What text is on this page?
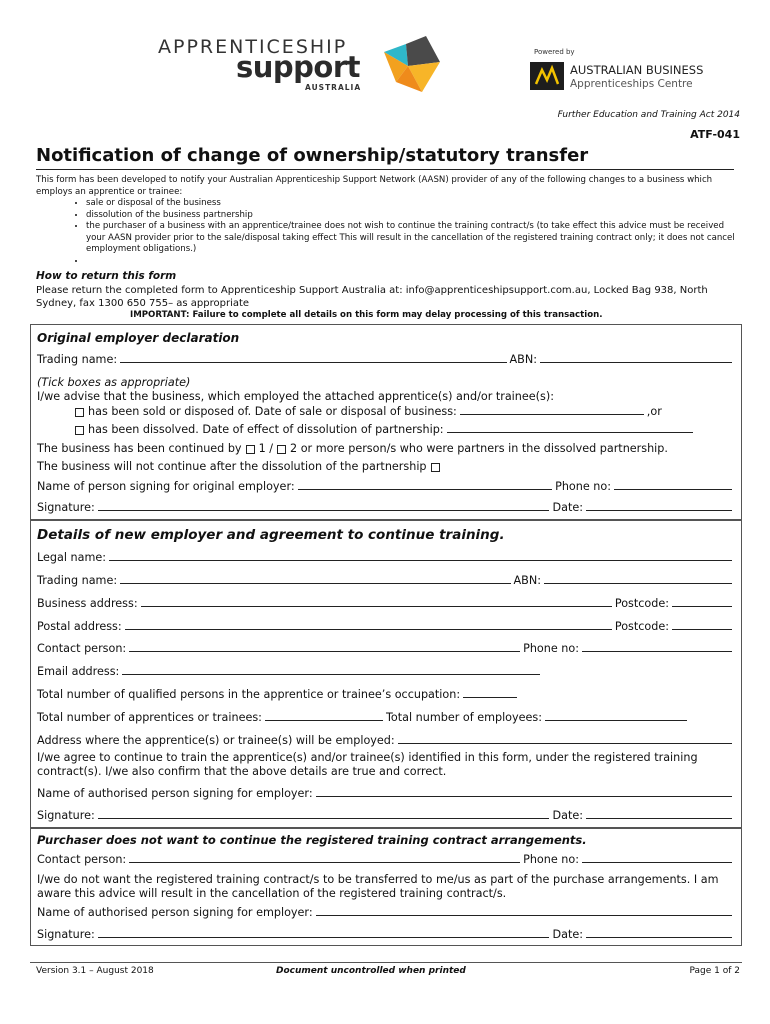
APPRENTICESHIP
support
AUSTRALIA
Powered by
AUSTRALIAN BUSINESS
Apprenticeships Centre
Further Education and Training Act 2014
ATF-041
Notification of change of ownership/statutory transfer
This form has been developed to notify your Australian Apprenticeship Support Network (AASN) provider of any of the following changes to a business which employs an apprentice or trainee:
• sale or disposal of the business
• dissolution of the business partnership
• the purchaser of a business with an apprentice/trainee does not wish to continue the training contract/s (to take effect this advice must be received your AASN provider prior to the sale/disposal taking effect This will result in the cancellation of the registered training contract only; it does not cancel employment obligations.)
•
How to return this form
Please return the completed form to Apprenticeship Support Australia at: info@apprenticeshipsupport.com.au, Locked Bag 938, North Sydney, fax 1300 650 755– as appropriate
IMPORTANT: Failure to complete all details on this form may delay processing of this transaction.
Original employer declaration
Trading name:	ABN:
(Tick boxes as appropriate)
I/we advise that the business, which employed the attached apprentice(s) and/or trainee(s):
has been sold or disposed of. Date of sale or disposal of business:	,or
has been dissolved. Date of effect of dissolution of partnership:
The business has been continued by 1 / 2 or more person/s who were partners in the dissolved partnership.
The business will not continue after the dissolution of the partnership
Name of person signing for original employer:	Phone no:
Signature:	Date:
Details of new employer and agreement to continue training.
Legal name:
Trading name:	ABN:
Business address:	Postcode:
Postal address:	Postcode:
Contact person:	Phone no:
Email address:
Total number of qualified persons in the apprentice or trainee’s occupation:
Total number of apprentices or trainees:	Total number of employees:
Address where the apprentice(s) or trainee(s) will be employed:
I/we agree to continue to train the apprentice(s) and/or trainee(s) identified in this form, under the registered training contract(s). I/we also confirm that the above details are true and correct.
Name of authorised person signing for employer:
Signature:	Date:
Purchaser does not want to continue the registered training contract arrangements.
Contact person:	Phone no:
I/we do not want the registered training contract/s to be transferred to me/us as part of the purchase arrangements. I am aware this advice will result in the cancellation of the registered training contract/s.
Name of authorised person signing for employer:
Signature:	Date:
Version 3.1 – August 2018	Document uncontrolled when printed	Page 1 of 2
